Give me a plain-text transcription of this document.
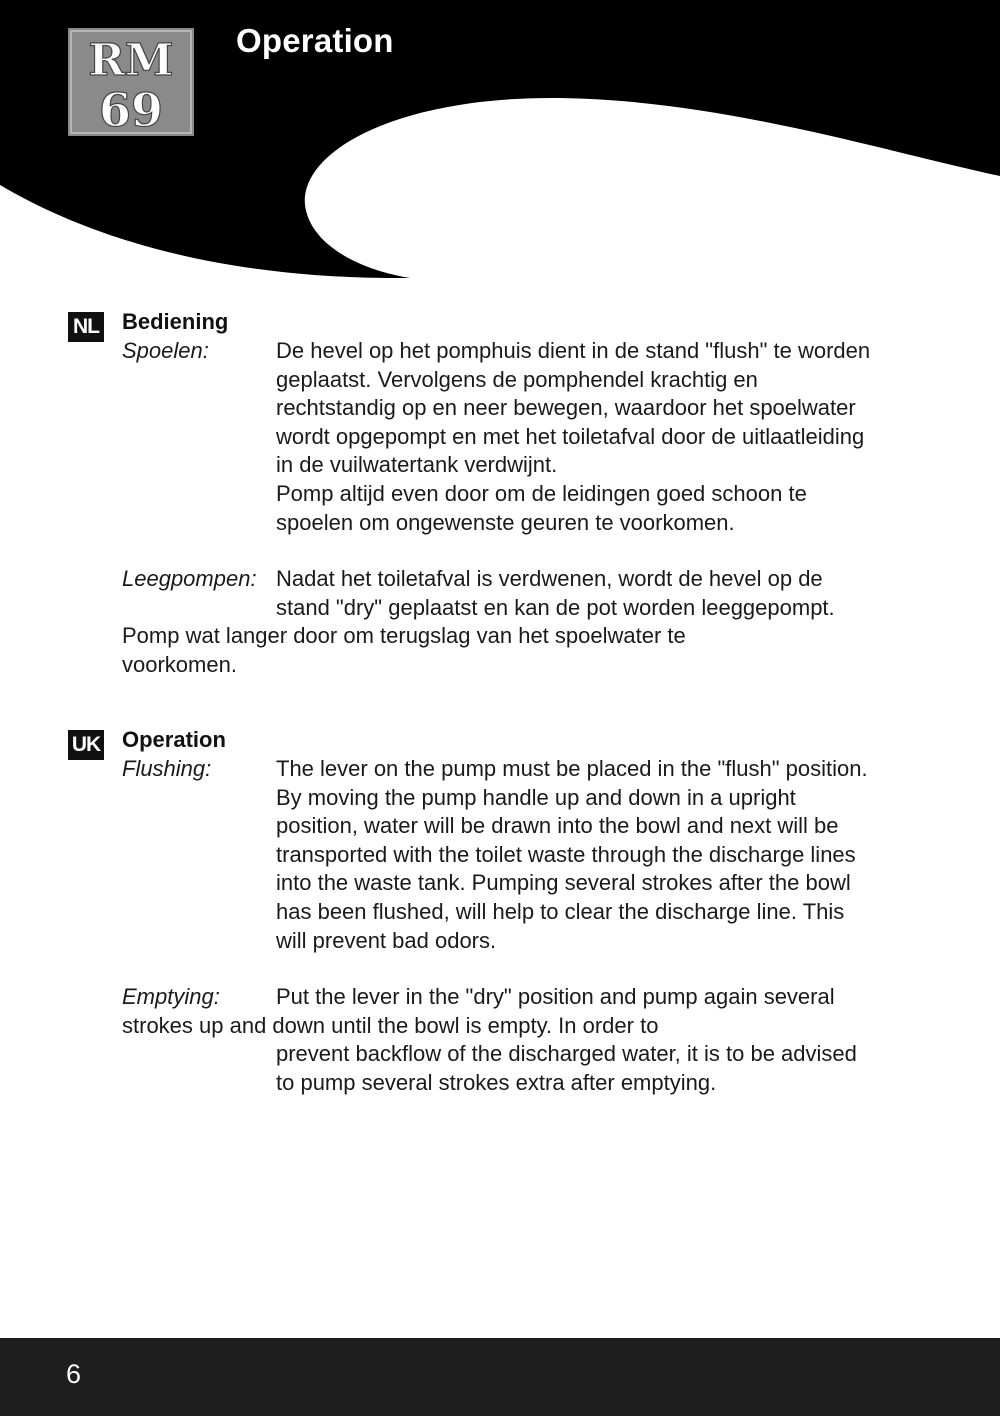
RM
69
Operation
NL Bediening
Spoelen:	De hevel op het pomphuis dient in de stand "flush" te worden
geplaatst. Vervolgens de pomphendel krachtig en
rechtstandig op en neer bewegen, waardoor het spoelwater
wordt opgepompt en met het toiletafval door de uitlaatleiding
in de vuilwatertank verdwijnt.
Pomp altijd even door om de leidingen goed schoon te
spoelen om ongewenste geuren te voorkomen.
Leegpompen: Nadat het toiletafval is verdwenen, wordt de hevel op de
stand "dry" geplaatst en kan de pot worden leeggepompt.
Pomp wat langer door om terugslag van het spoelwater te
voorkomen.
UK Operation
Flushing:	The lever on the pump must be placed in the "flush" position.
By moving the pump handle up and down in a upright
position, water will be drawn into the bowl and next will be
transported with the toilet waste through the discharge lines
into the waste tank. Pumping several strokes after the bowl
has been flushed, will help to clear the discharge line. This
will prevent bad odors.
Emptying:	Put the lever in the "dry" position and pump again several
strokes up and down until the bowl is empty. In order to
prevent backflow of the discharged water, it is to be advised
to pump several strokes extra after emptying.
6
